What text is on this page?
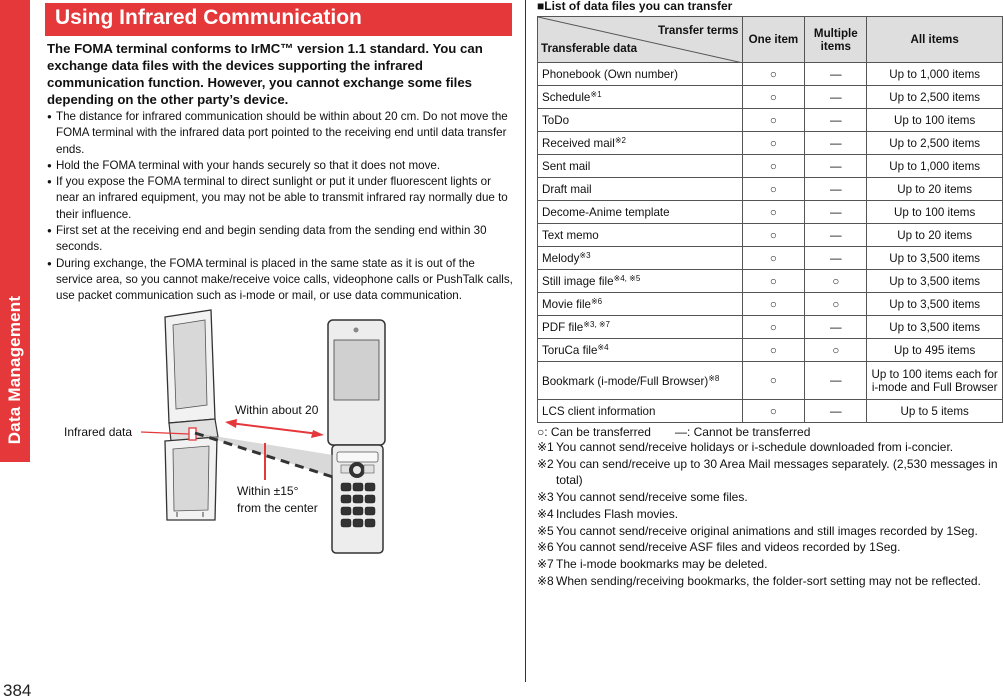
Data Management
384
Using Infrared Communication
The FOMA terminal conforms to IrMC™ version 1.1 standard. You can exchange data files with the devices supporting the infrared communication function. However, you cannot exchange some files depending on the other party’s device.
● The distance for infrared communication should be within about 20 cm. Do not move the FOMA terminal with the infrared data port pointed to the receiving end until data transfer ends.
● Hold the FOMA terminal with your hands securely so that it does not move.
● If you expose the FOMA terminal to direct sunlight or put it under fluorescent lights or near an infrared equipment, you may not be able to transmit infrared ray normally due to their influence.
● First set at the receiving end and begin sending data from the sending end within 30 seconds.
● During exchange, the FOMA terminal is placed in the same state as it is out of the service area, so you cannot make/receive voice calls, videophone calls or PushTalk calls, use packet communication such as i-mode or mail, or use data communication.
Infrared data
Within about 20
Within ±15°
from the center
■List of data files you can transfer
Transfer terms
Transferable data	One item	Multiple items	All items
Phonebook (Own number)	○	—	Up to 1,000 items
Schedule$^{※1}$	○	—	Up to 2,500 items
ToDo	○	—	Up to 100 items
Received mail$^{※2}$	○	—	Up to 2,500 items
Sent mail	○	—	Up to 1,000 items
Draft mail	○	—	Up to 20 items
Decome-Anime template	○	—	Up to 100 items
Text memo	○	—	Up to 20 items
Melody$^{※3}$	○	—	Up to 3,500 items
Still image file$^{※4, ※5}$	○	○	Up to 3,500 items
Movie file$^{※6}$	○	○	Up to 3,500 items
PDF file$^{※3, ※7}$	○	—	Up to 3,500 items
ToruCa file$^{※4}$	○	○	Up to 495 items
Bookmark (i-mode/Full Browser)$^{※8}$	○	—	Up to 100 items each for i-mode and Full Browser
LCS client information	○	—	Up to 5 items
○: Can be transferred  —: Cannot be transferred
※1 You cannot send/receive holidays or i-schedule downloaded from i-concier.
※2 You can send/receive up to 30 Area Mail messages separately. (2,530 messages in total)
※3 You cannot send/receive some files.
※4 Includes Flash movies.
※5 You cannot send/receive original animations and still images recorded by 1Seg.
※6 You cannot send/receive ASF files and videos recorded by 1Seg.
※7 The i-mode bookmarks may be deleted.
※8 When sending/receiving bookmarks, the folder-sort setting may not be reflected.
